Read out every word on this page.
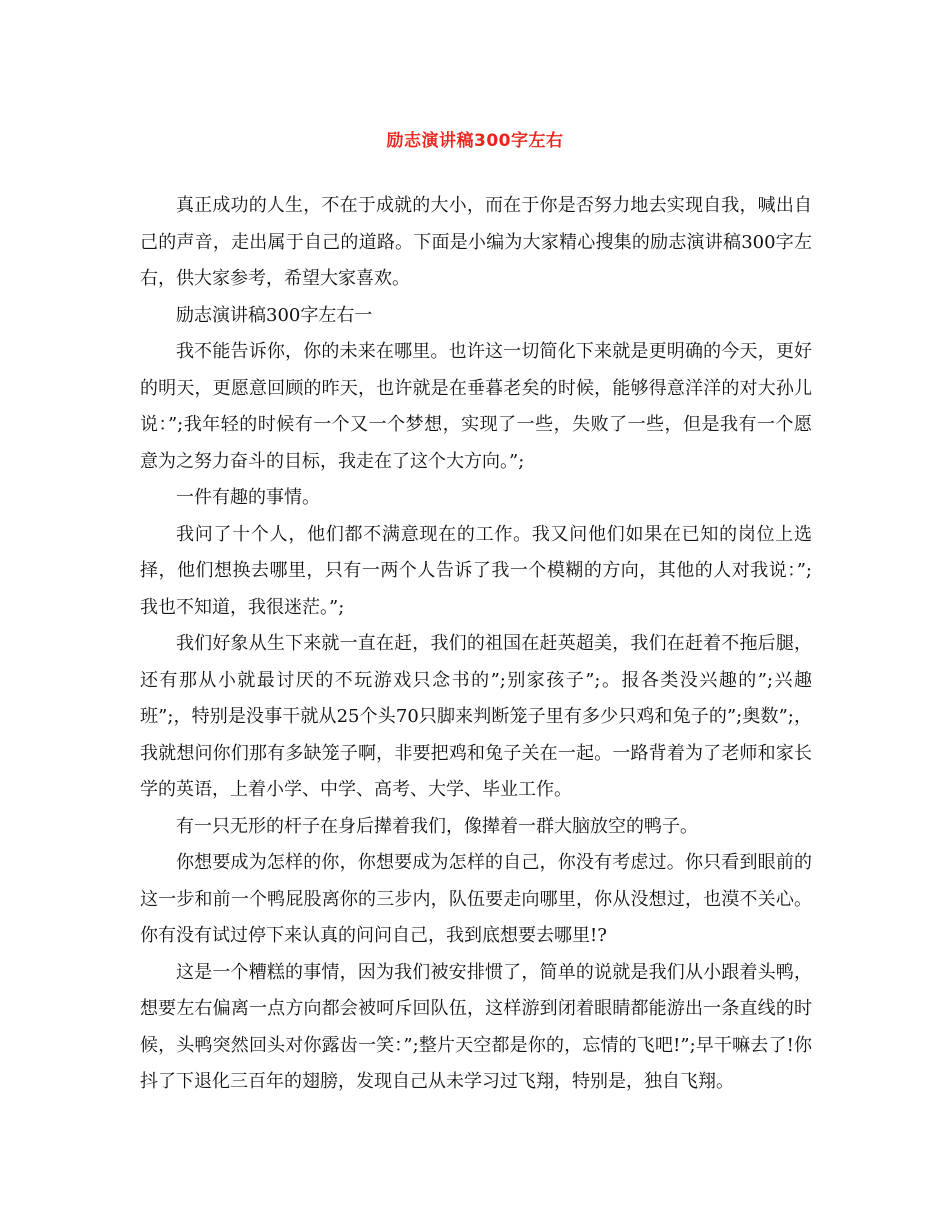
励志演讲稿300字左右

真正成功的人生，不在于成就的大小，而在于你是否努力地去实现自我，喊出自己的声音，走出属于自己的道路。下面是小编为大家精心搜集的励志演讲稿300字左右，供大家参考，希望大家喜欢。

励志演讲稿300字左右一

我不能告诉你，你的未来在哪里。也许这一切简化下来就是更明确的今天，更好的明天，更愿意回顾的昨天，也许就是在垂暮老矣的时候，能够得意洋洋的对大孙儿说：”;我年轻的时候有一个又一个梦想，实现了一些，失败了一些，但是我有一个愿意为之努力奋斗的目标，我走在了这个大方向。”;

一件有趣的事情。

我问了十个人，他们都不满意现在的工作。我又问他们如果在已知的岗位上选择，他们想换去哪里，只有一两个人告诉了我一个模糊的方向，其他的人对我说：”;我也不知道，我很迷茫。”;

我们好象从生下来就一直在赶，我们的祖国在赶英超美，我们在赶着不拖后腿，还有那从小就最讨厌的不玩游戏只念书的”;别家孩子”;。报各类没兴趣的”;兴趣班”;，特别是没事干就从25个头70只脚来判断笼子里有多少只鸡和兔子的”;奥数”;，我就想问你们那有多缺笼子啊，非要把鸡和兔子关在一起。一路背着为了老师和家长学的英语，上着小学、中学、高考、大学、毕业工作。

有一只无形的杆子在身后撵着我们，像撵着一群大脑放空的鸭子。

你想要成为怎样的你，你想要成为怎样的自己，你没有考虑过。你只看到眼前的这一步和前一个鸭屁股离你的三步内，队伍要走向哪里，你从没想过，也漠不关心。你有没有试过停下来认真的问问自己，我到底想要去哪里!?

这是一个糟糕的事情，因为我们被安排惯了，简单的说就是我们从小跟着头鸭，想要左右偏离一点方向都会被呵斥回队伍，这样游到闭着眼睛都能游出一条直线的时候，头鸭突然回头对你露齿一笑：”;整片天空都是你的，忘情的飞吧!”;早干嘛去了!你抖了下退化三百年的翅膀，发现自己从未学习过飞翔，特别是，独自飞翔。
